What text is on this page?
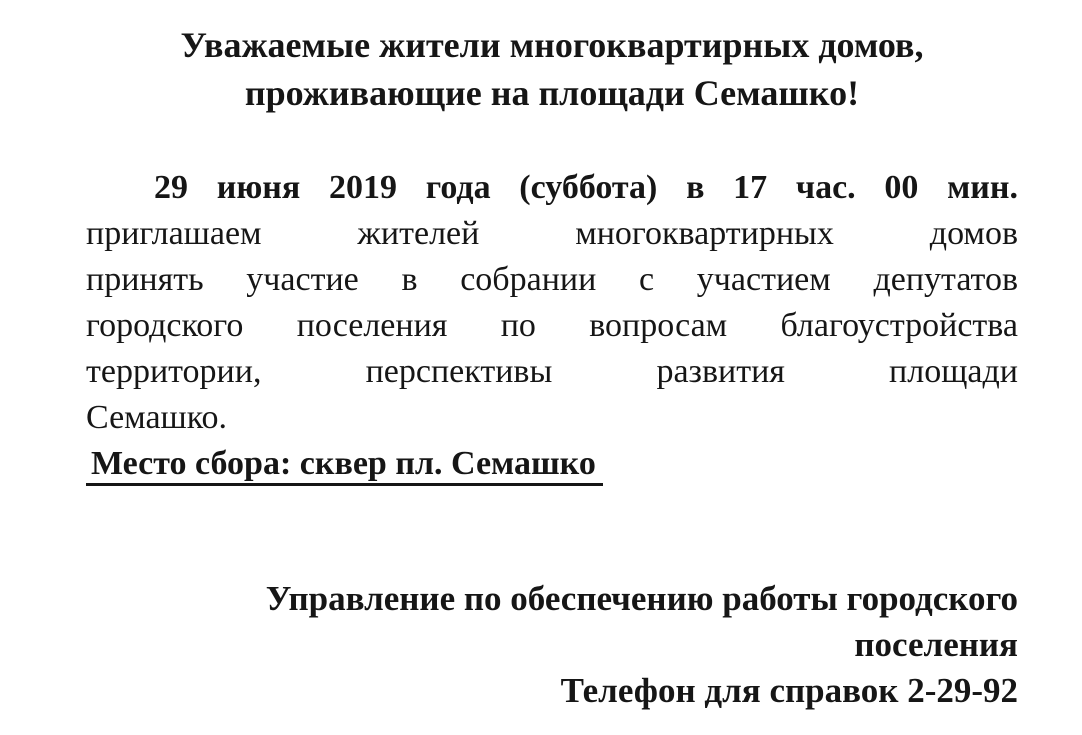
Уважаемые жители многоквартирных домов,
проживающие на площади Семашко!
29 июня 2019 года (суббота) в 17 час. 00 мин.
приглашаем жителей многоквартирных домов
принять участие в собрании с участием депутатов
городского поселения по вопросам благоустройства
территории, перспективы развития площади
Семашко.
Место сбора: сквер пл. Семашко
Управление по обеспечению работы городского
поселения
Телефон для справок 2-29-92
